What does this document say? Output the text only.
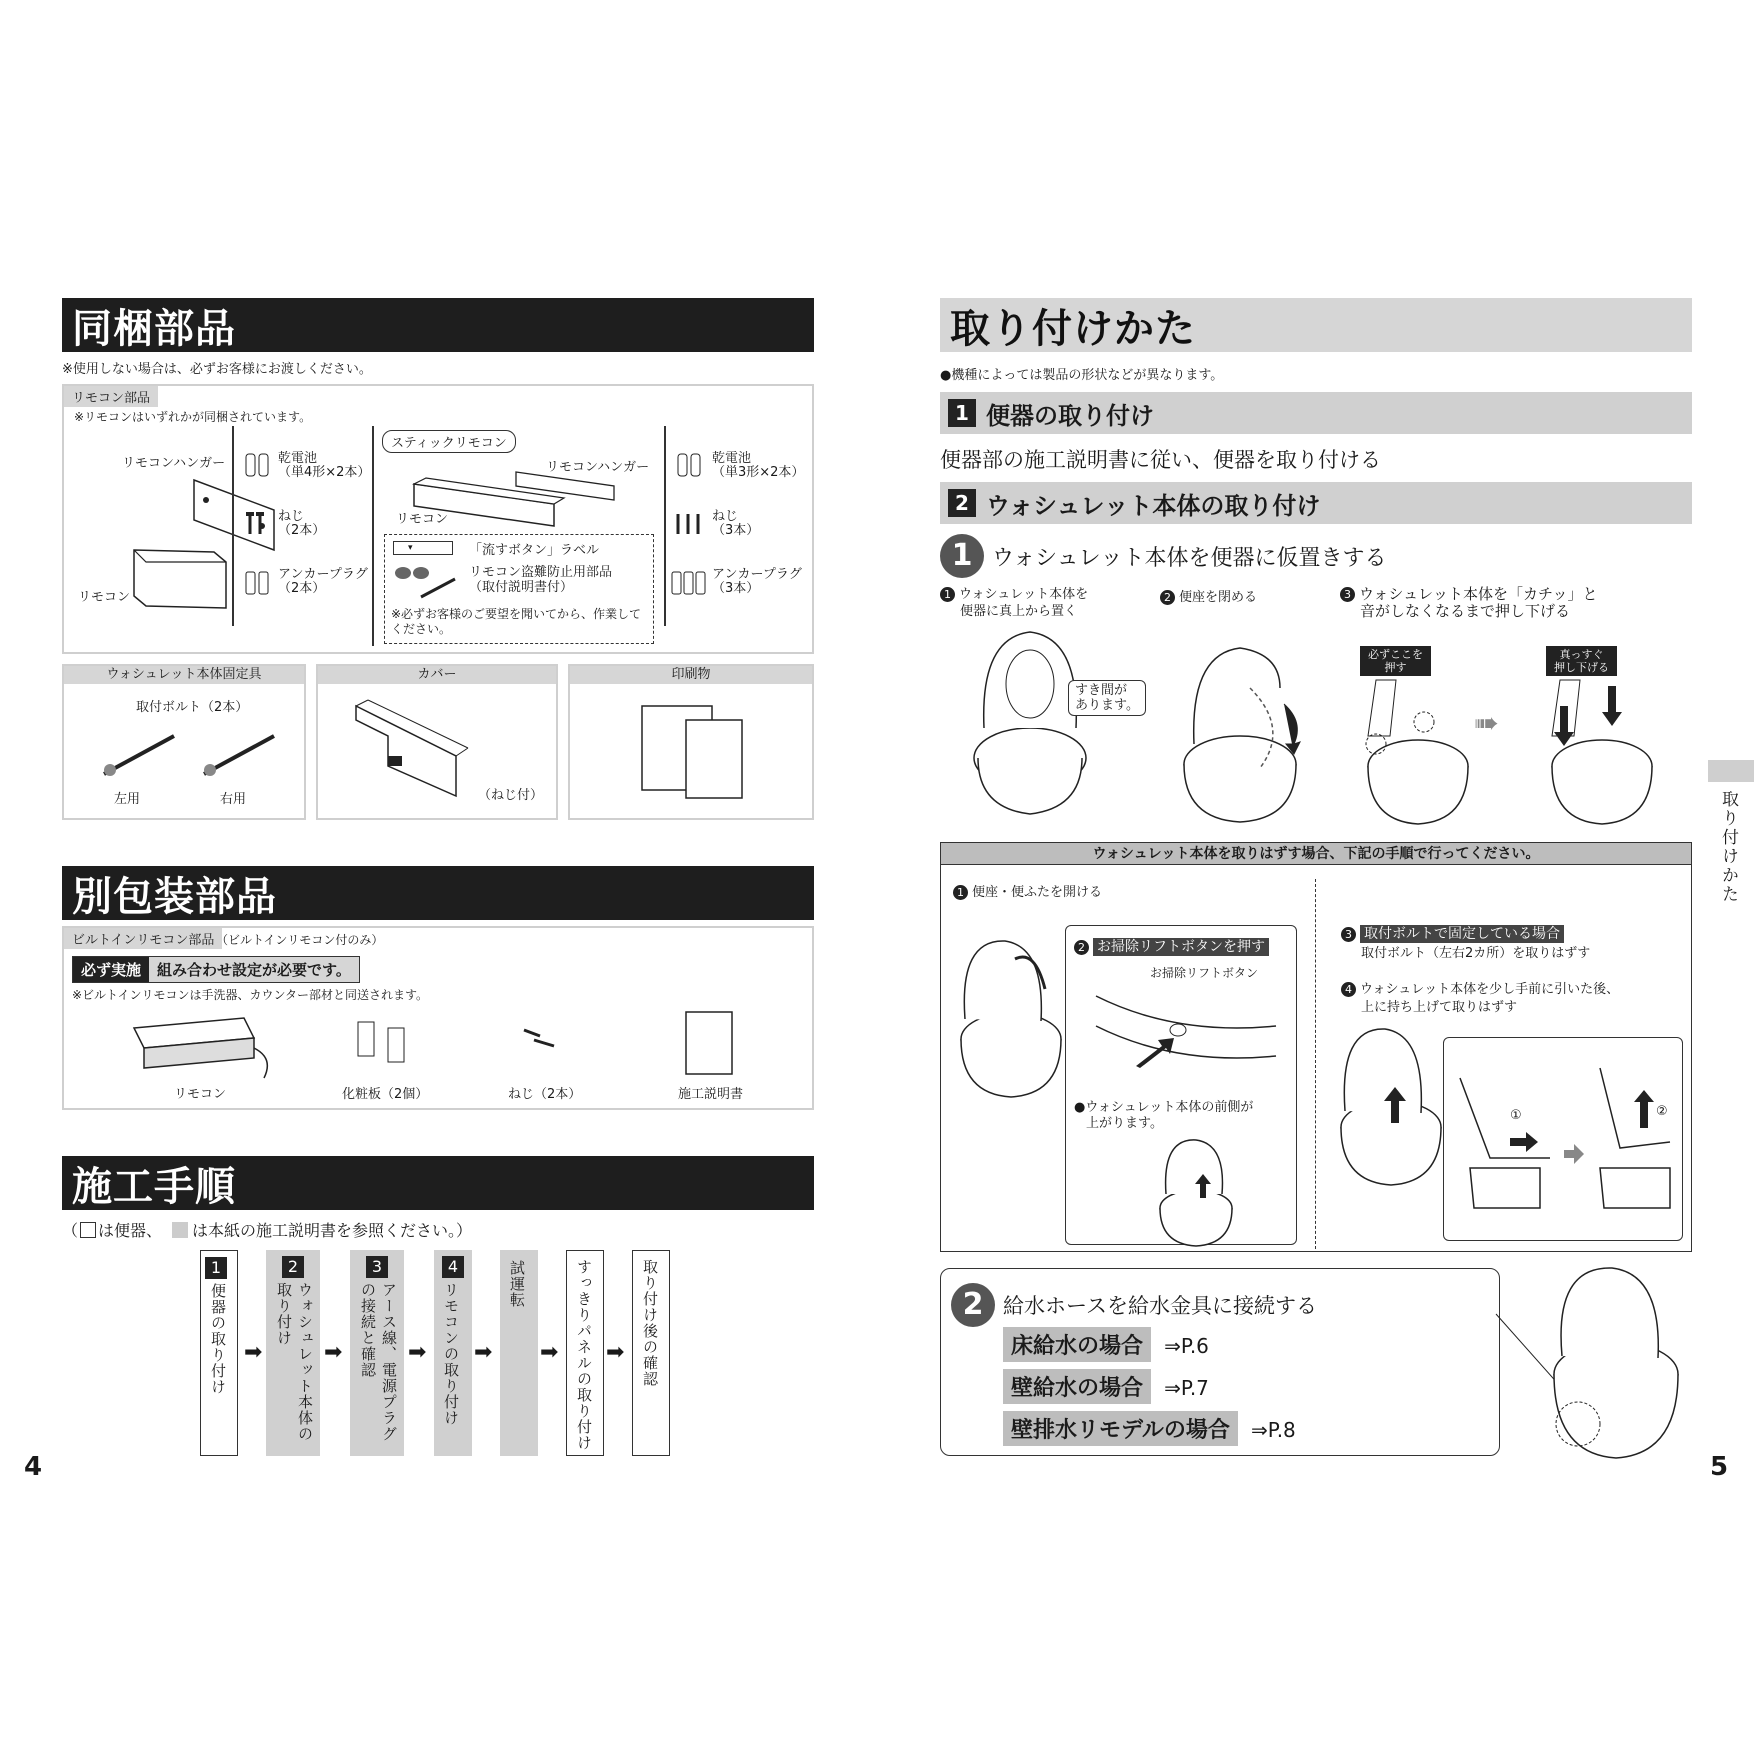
同梱部品
※使用しない場合は、必ずお客様にお渡しください。
リモコン部品
※リモコンはいずれかが同梱されています。
リモコンハンガー
リモコン
乾電池
（単4形×2本）
ねじ
（2本）
アンカープラグ
（2本）
スティックリモコン
リモコンハンガー
リモコン
▾	「流すボタン」ラベル
リモコン盗難防止用部品
（取付説明書付）
※必ずお客様のご要望を聞いてから、作業してください。
乾電池
（単3形×2本）
ねじ
（3本）
アンカープラグ
（3本）
ウォシュレット本体固定具
取付ボルト（2本）
左用	右用
カバー
（ねじ付）
印刷物
別包装部品
ビルトインリモコン部品 （ビルトインリモコン付のみ）
必ず実施	組み合わせ設定が必要です。
※ビルトインリモコンは手洗器、カウンター部材と同送されます。
リモコン	化粧板（2個）	ねじ（2本）	施工説明書
施工手順
（ は便器、 は本紙の施工説明書を参照ください。）
1
便器の取り付け ➡
2
ウォシュレット本体の取り付け
➡
3
アース線、電源プラグの接続と確認	➡
4
リモコンの取り付け ➡
試運転
➡ すっきりパネルの取り付け ➡ 取り付け後の確認
4
取り付けかた
●機種によっては製品の形状などが異なります。
1 便器の取り付け
便器部の施工説明書に従い、便器を取り付ける
2 ウォシュレット本体の取り付け
1 ウォシュレット本体を便器に仮置きする
1 ウォシュレット本体を
便器に真上から置く
2 便座を閉める	3 ウォシュレット本体を「カチッ」と
音がしなくなるまで押し下げる
すき間が
あります。
必ずここを
押す
➠
真っすぐ
押し下げる
ウォシュレット本体を取りはずす場合、下記の手順で行ってください。
1 便座・便ふたを開ける
2 お掃除リフトボタンを押す
お掃除リフトボタン
●ウォシュレット本体の前側が
上がります。
3 取付ボルトで固定している場合
取付ボルト（左右2カ所）を取りはずす
4 ウォシュレット本体を少し手前に引いた後、
上に持ち上げて取りはずす
①	②
2 給水ホースを給水金具に接続する
床給水の場合 ⇒P.6
壁給水の場合 ⇒P.7
壁排水リモデルの場合 ⇒P.8
取り付けかた
5
